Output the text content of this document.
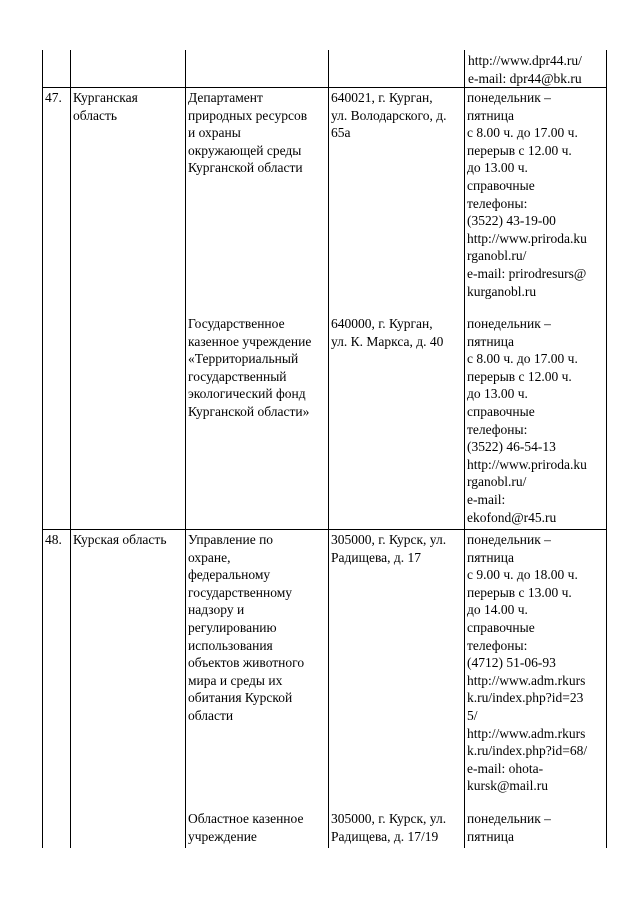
http://www.dpr44.ru/
e-mail: dpr44@bk.ru
47. Курганская
область
Департамент
природных ресурсов
и охраны
окружающей среды
Курганской области
640021, г. Курган,
ул. Володарского, д.
65а
понедельник –
пятница
с 8.00 ч. до 17.00 ч.
перерыв с 12.00 ч.
до 13.00 ч.
справочные
телефоны:
(3522) 43-19-00
http://www.priroda.ku
rganobl.ru/
e-mail: prirodresurs@
kurganobl.ru
Государственное
казенное учреждение
«Территориальный
государственный
экологический фонд
Курганской области»
640000, г. Курган,
ул. К. Маркса, д. 40
понедельник –
пятница
с 8.00 ч. до 17.00 ч.
перерыв с 12.00 ч.
до 13.00 ч.
справочные
телефоны:
(3522) 46-54-13
http://www.priroda.ku
rganobl.ru/
e-mail:
ekofond@r45.ru
48. Курская область Управление по
охране,
федеральному
государственному
надзору и
регулированию
использования
объектов животного
мира и среды их
обитания Курской
области
305000, г. Курск, ул.
Радищева, д. 17
понедельник –
пятница
с 9.00 ч. до 18.00 ч.
перерыв с 13.00 ч.
до 14.00 ч.
справочные
телефоны:
(4712) 51-06-93
http://www.adm.rkurs
k.ru/index.php?id=23
5/
http://www.adm.rkurs
k.ru/index.php?id=68/
e-mail: ohota-
kursk@mail.ru
Областное казенное
учреждение
305000, г. Курск, ул.
Радищева, д. 17/19
понедельник –
пятница
